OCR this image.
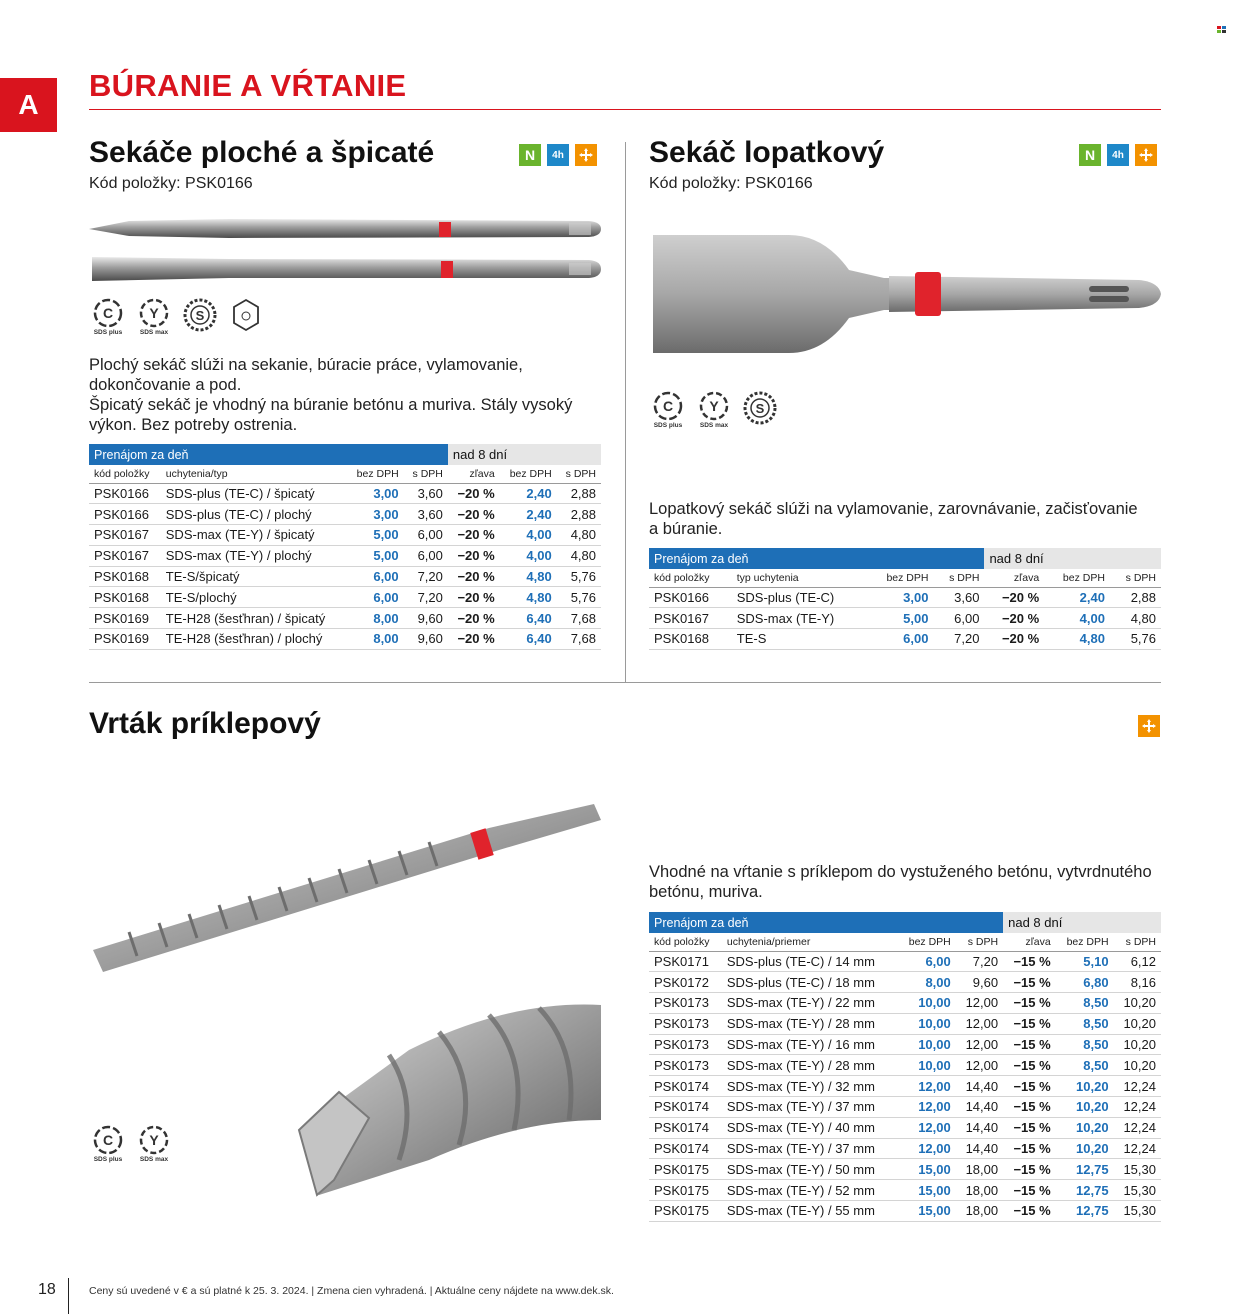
A
BÚRANIE A VŔTANIE
Sekáče ploché a špicaté
Kód položky: PSK0166
N	4h
C
SDS plus
Y
SDS max
S
Plochý sekáč slúži na sekanie, búracie práce, vylamovanie,
dokončovanie a pod.
Špicatý sekáč je vhodný na búranie betónu a muriva. Stály vysoký
výkon. Bez potreby ostrenia.
Prenájom za deň				nad 8 dní		
kód položky	uchytenia/typ	bez DPH	s DPH	zľava	bez DPH	s DPH
PSK0166	SDS-plus (TE-C) / špicatý	3,00	3,60	−20 %	2,40	2,88
PSK0166	SDS-plus (TE-C) / plochý	3,00	3,60	−20 %	2,40	2,88
PSK0167	SDS-max (TE-Y) / špicatý	5,00	6,00	−20 %	4,00	4,80
PSK0167	SDS-max (TE-Y) / plochý	5,00	6,00	−20 %	4,00	4,80
PSK0168	TE-S/špicatý	6,00	7,20	−20 %	4,80	5,76
PSK0168	TE-S/plochý	6,00	7,20	−20 %	4,80	5,76
PSK0169	TE-H28 (šesťhran) / špicatý	8,00	9,60	−20 %	6,40	7,68
PSK0169	TE-H28 (šesťhran) / plochý	8,00	9,60	−20 %	6,40	7,68
Sekáč lopatkový
Kód položky: PSK0166
N	4h
C
SDS plus
Y
SDS max
S
Lopatkový sekáč slúži na vylamovanie, zarovnávanie, začisťovanie
a búranie.
Prenájom za deň				nad 8 dní		
kód položky	typ uchytenia	bez DPH	s DPH	zľava	bez DPH	s DPH
PSK0166	SDS-plus (TE-C)	3,00	3,60	−20 %	2,40	2,88
PSK0167	SDS-max (TE-Y)	5,00	6,00	−20 %	4,00	4,80
PSK0168	TE-S	6,00	7,20	−20 %	4,80	5,76
Vrták príklepový
C
SDS plus
Y
SDS max
Vhodné na vŕtanie s príklepom do vystuženého betónu, vytvrdnutého
betónu, muriva.
Prenájom za deň				nad 8 dní		
kód položky	uchytenia/priemer	bez DPH	s DPH	zľava	bez DPH	s DPH
PSK0171	SDS-plus (TE-C) / 14 mm	6,00	7,20	−15 %	5,10	6,12
PSK0172	SDS-plus (TE-C) / 18 mm	8,00	9,60	−15 %	6,80	8,16
PSK0173	SDS-max (TE-Y) / 22 mm	10,00	12,00	−15 %	8,50	10,20
PSK0173	SDS-max (TE-Y) / 28 mm	10,00	12,00	−15 %	8,50	10,20
PSK0173	SDS-max (TE-Y) / 16 mm	10,00	12,00	−15 %	8,50	10,20
PSK0173	SDS-max (TE-Y) / 28 mm	10,00	12,00	−15 %	8,50	10,20
PSK0174	SDS-max (TE-Y) / 32 mm	12,00	14,40	−15 %	10,20	12,24
PSK0174	SDS-max (TE-Y) / 37 mm	12,00	14,40	−15 %	10,20	12,24
PSK0174	SDS-max (TE-Y) / 40 mm	12,00	14,40	−15 %	10,20	12,24
PSK0174	SDS-max (TE-Y) / 37 mm	12,00	14,40	−15 %	10,20	12,24
PSK0175	SDS-max (TE-Y) / 50 mm	15,00	18,00	−15 %	12,75	15,30
PSK0175	SDS-max (TE-Y) / 52 mm	15,00	18,00	−15 %	12,75	15,30
PSK0175	SDS-max (TE-Y) / 55 mm	15,00	18,00	−15 %	12,75	15,30
18	Ceny sú uvedené v € a sú platné k 25. 3. 2024. | Zmena cien vyhradená. | Aktuálne ceny nájdete na www.dek.sk.
